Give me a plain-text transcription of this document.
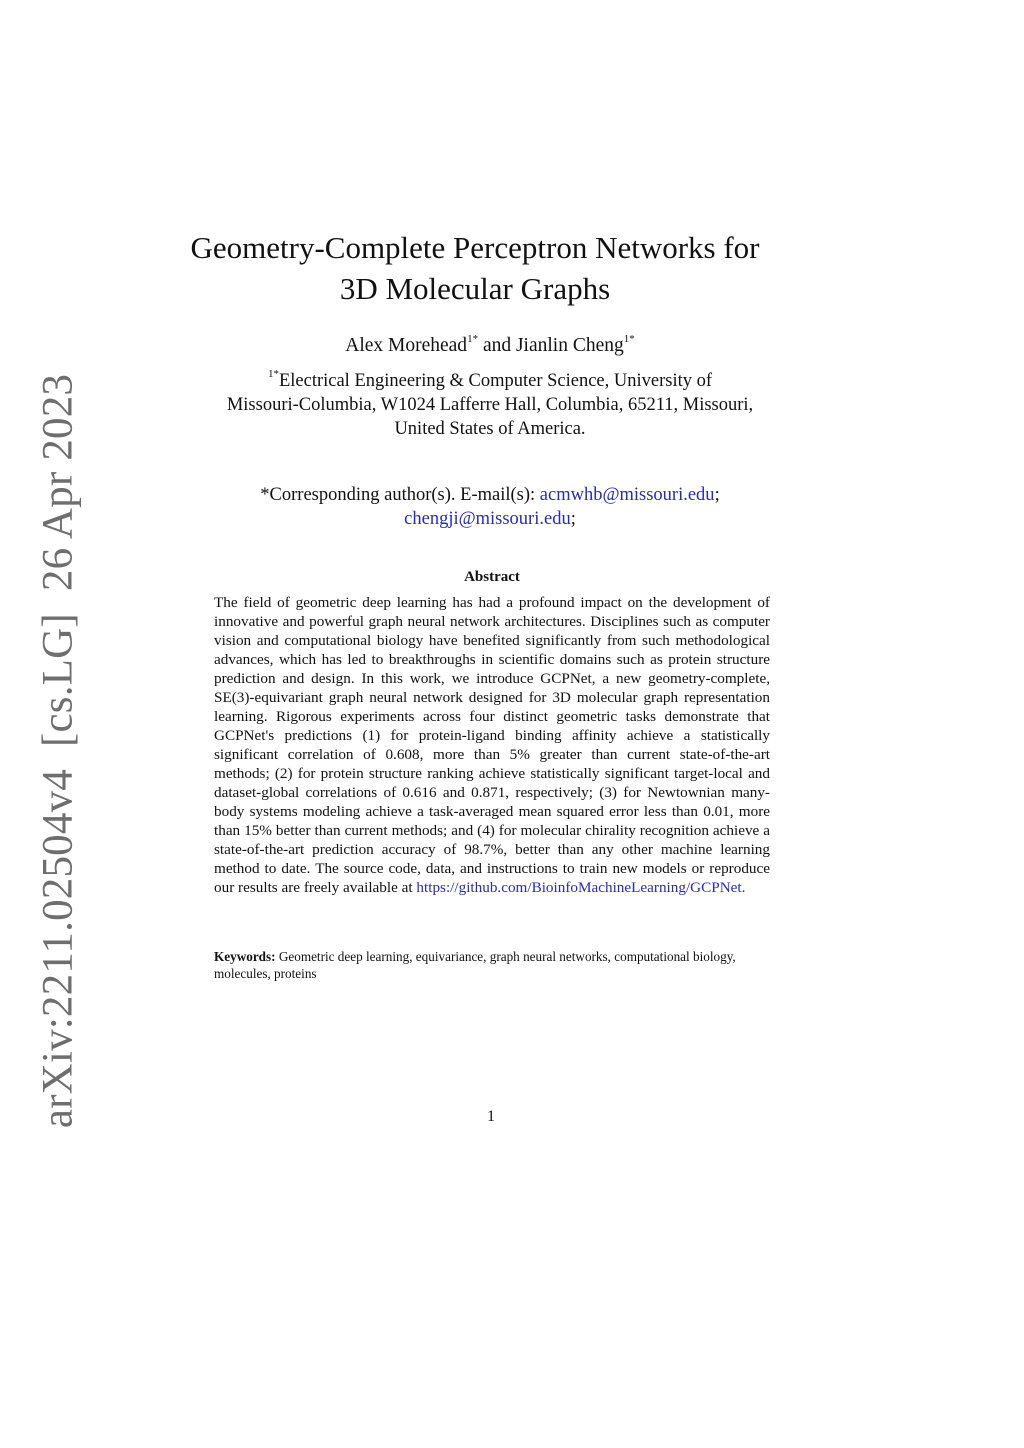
arXiv:2211.02504v4[cs.LG]26 Apr 2023
Geometry-Complete Perceptron Networks for
3D Molecular Graphs
Alex Morehead$^{1*}$ and Jianlin Cheng$^{1*}$
$^{1*}$Electrical Engineering & Computer Science, University of
Missouri-Columbia, W1024 Lafferre Hall, Columbia, 65211, Missouri,
United States of America.
*Corresponding author(s). E-mail(s): acmwhb@missouri.edu;
chengji@missouri.edu;
Abstract
The field of geometric deep learning has had a profound impact on the development of innovative and powerful graph neural network architectures. Disciplines such as computer vision and computational biology have benefited significantly from such methodological advances, which has led to breakthroughs in scientific domains such as protein structure prediction and design. In this work, we introduce GCPNet, a new geometry-complete, SE(3)-equivariant graph neural network designed for 3D molecular graph representation learning. Rigorous experiments across four distinct geometric tasks demonstrate that GCPNet's predictions (1) for protein-ligand binding affinity achieve a statistically significant correlation of 0.608, more than 5% greater than current state-of-the-art methods; (2) for protein structure ranking achieve statistically significant target-local and dataset-global correlations of 0.616 and 0.871, respectively; (3) for Newtownian many-body systems modeling achieve a task-averaged mean squared error less than 0.01, more than 15% better than current methods; and (4) for molecular chirality recognition achieve a state-of-the-art prediction accuracy of 98.7%, better than any other machine learning method to date. The source code, data, and instructions to train new models or reproduce our results are freely available at https://github.com/BioinfoMachineLearning/GCPNet.
Keywords: Geometric deep learning, equivariance, graph neural networks, computational biology, molecules, proteins
1
